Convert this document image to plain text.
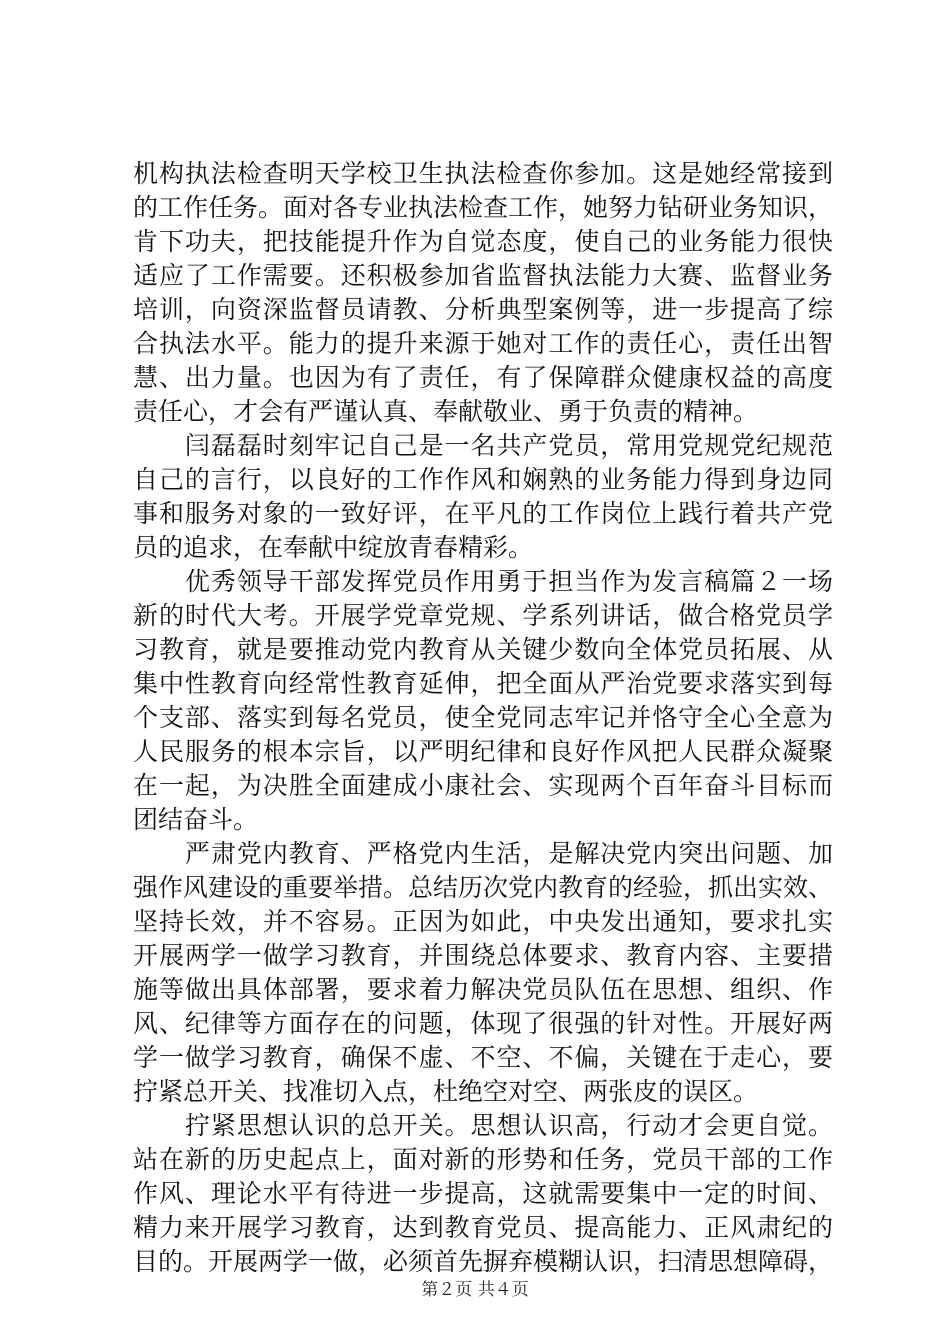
机构执法检查明天学校卫生执法检查你参加。这是她经常接到
的工作任务。面对各专业执法检查工作，她努力钻研业务知识，
肯下功夫，把技能提升作为自觉态度，使自己的业务能力很快
适应了工作需要。还积极参加省监督执法能力大赛、监督业务
培训，向资深监督员请教、分析典型案例等，进一步提高了综
合执法水平。能力的提升来源于她对工作的责任心，责任出智
慧、出力量。也因为有了责任，有了保障群众健康权益的高度
责任心，才会有严谨认真、奉献敬业、勇于负责的精神。
　　闫磊磊时刻牢记自己是一名共产党员，常用党规党纪规范
自己的言行，以良好的工作作风和娴熟的业务能力得到身边同
事和服务对象的一致好评，在平凡的工作岗位上践行着共产党
员的追求，在奉献中绽放青春精彩。
　　优秀领导干部发挥党员作用勇于担当作为发言稿篇２一场
新的时代大考。开展学党章党规、学系列讲话，做合格党员学
习教育，就是要推动党内教育从关键少数向全体党员拓展、从
集中性教育向经常性教育延伸，把全面从严治党要求落实到每
个支部、落实到每名党员，使全党同志牢记并恪守全心全意为
人民服务的根本宗旨，以严明纪律和良好作风把人民群众凝聚
在一起，为决胜全面建成小康社会、实现两个百年奋斗目标而
团结奋斗。
　　严肃党内教育、严格党内生活，是解决党内突出问题、加
强作风建设的重要举措。总结历次党内教育的经验，抓出实效、
坚持长效，并不容易。正因为如此，中央发出通知，要求扎实
开展两学一做学习教育，并围绕总体要求、教育内容、主要措
施等做出具体部署，要求着力解决党员队伍在思想、组织、作
风、纪律等方面存在的问题，体现了很强的针对性。开展好两
学一做学习教育，确保不虚、不空、不偏，关键在于走心，要
拧紧总开关、找准切入点，杜绝空对空、两张皮的误区。
　　拧紧思想认识的总开关。思想认识高，行动才会更自觉。
站在新的历史起点上，面对新的形势和任务，党员干部的工作
作风、理论水平有待进一步提高，这就需要集中一定的时间、
精力来开展学习教育，达到教育党员、提高能力、正风肃纪的
目的。开展两学一做，必须首先摒弃模糊认识，扫清思想障碍，
第２页 共４页
